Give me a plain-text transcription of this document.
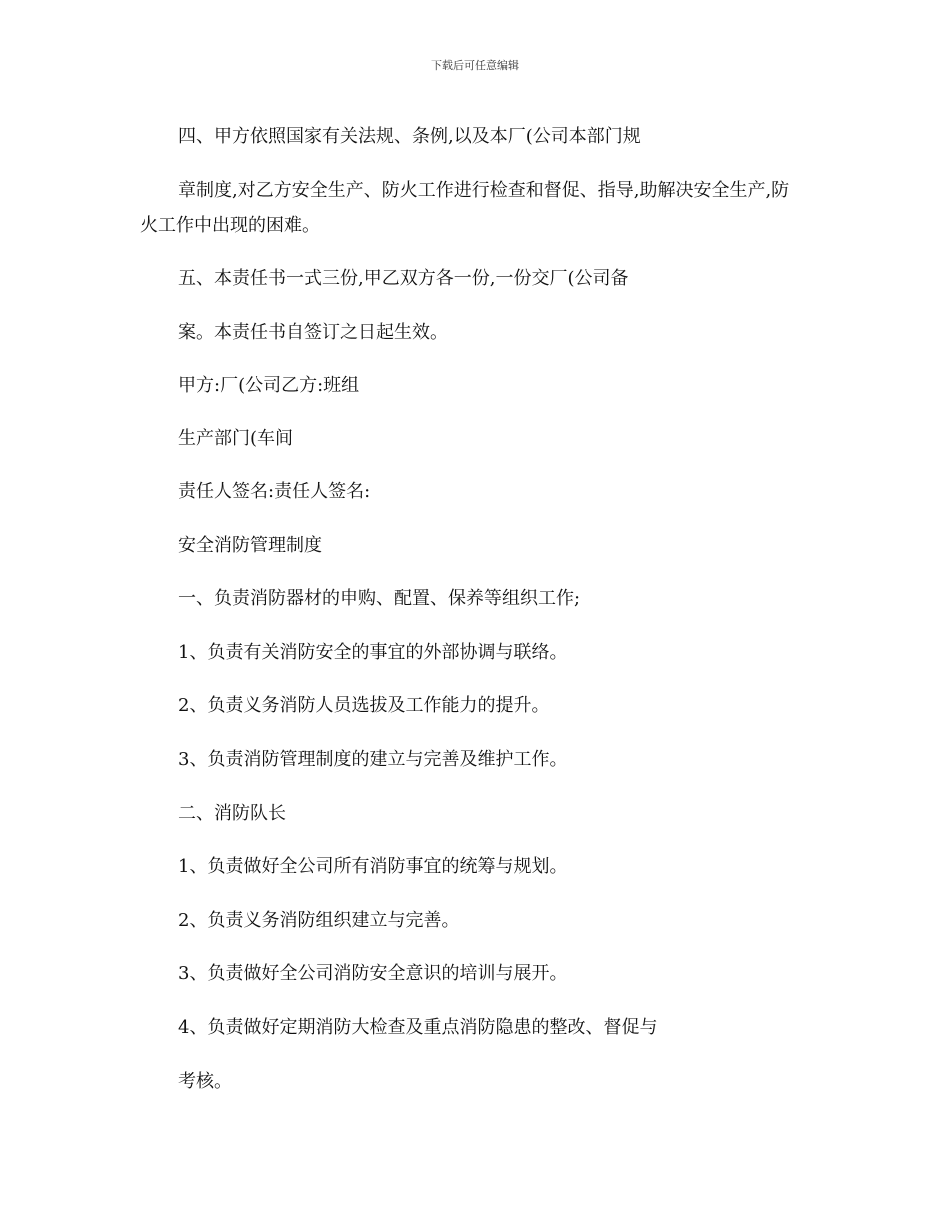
下载后可任意编辑
四、甲方依照国家有关法规、条例,以及本厂(公司本部门规
章制度,对乙方安全生产、防火工作进行检查和督促、指导,助解决安全生产,防
火工作中出现的困难。
五、本责任书一式三份,甲乙双方各一份,一份交厂(公司备
案。本责任书自签订之日起生效。
甲方:厂(公司乙方:班组
生产部门(车间
责任人签名:责任人签名:
安全消防管理制度
一、负责消防器材的申购、配置、保养等组织工作;
1、负责有关消防安全的事宜的外部协调与联络。
2、负责义务消防人员选拔及工作能力的提升。
3、负责消防管理制度的建立与完善及维护工作。
二、消防队长
1、负责做好全公司所有消防事宜的统筹与规划。
2、负责义务消防组织建立与完善。
3、负责做好全公司消防安全意识的培训与展开。
4、负责做好定期消防大检查及重点消防隐患的整改、督促与
考核。
